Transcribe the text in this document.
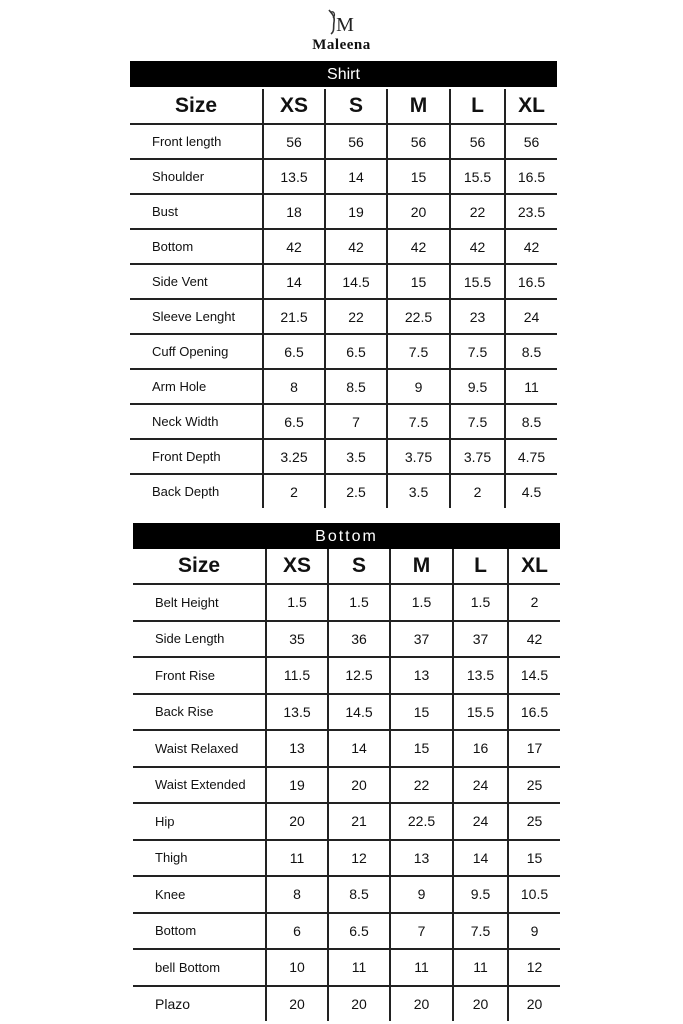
M
Maleena
Shirt
Size	XS	S	M	L	XL
Front length	56	56	56	56	56
Shoulder	13.5	14	15	15.5	16.5
Bust	18	19	20	22	23.5
Bottom	42	42	42	42	42
Side Vent	14	14.5	15	15.5	16.5
Sleeve Lenght	21.5	22	22.5	23	24
Cuff Opening	6.5	6.5	7.5	7.5	8.5
Arm Hole	8	8.5	9	9.5	11
Neck Width	6.5	7	7.5	7.5	8.5
Front Depth	3.25	3.5	3.75	3.75	4.75
Back Depth	2	2.5	3.5	2	4.5
Bottom
Size	XS	S	M	L	XL
Belt Height	1.5	1.5	1.5	1.5	2
Side Length	35	36	37	37	42
Front Rise	11.5	12.5	13	13.5	14.5
Back Rise	13.5	14.5	15	15.5	16.5
Waist Relaxed	13	14	15	16	17
Waist Extended	19	20	22	24	25
Hip	20	21	22.5	24	25
Thigh	11	12	13	14	15
Knee	8	8.5	9	9.5	10.5
Bottom	6	6.5	7	7.5	9
bell Bottom	10	11	11	11	12
Plazo	20	20	20	20	20
